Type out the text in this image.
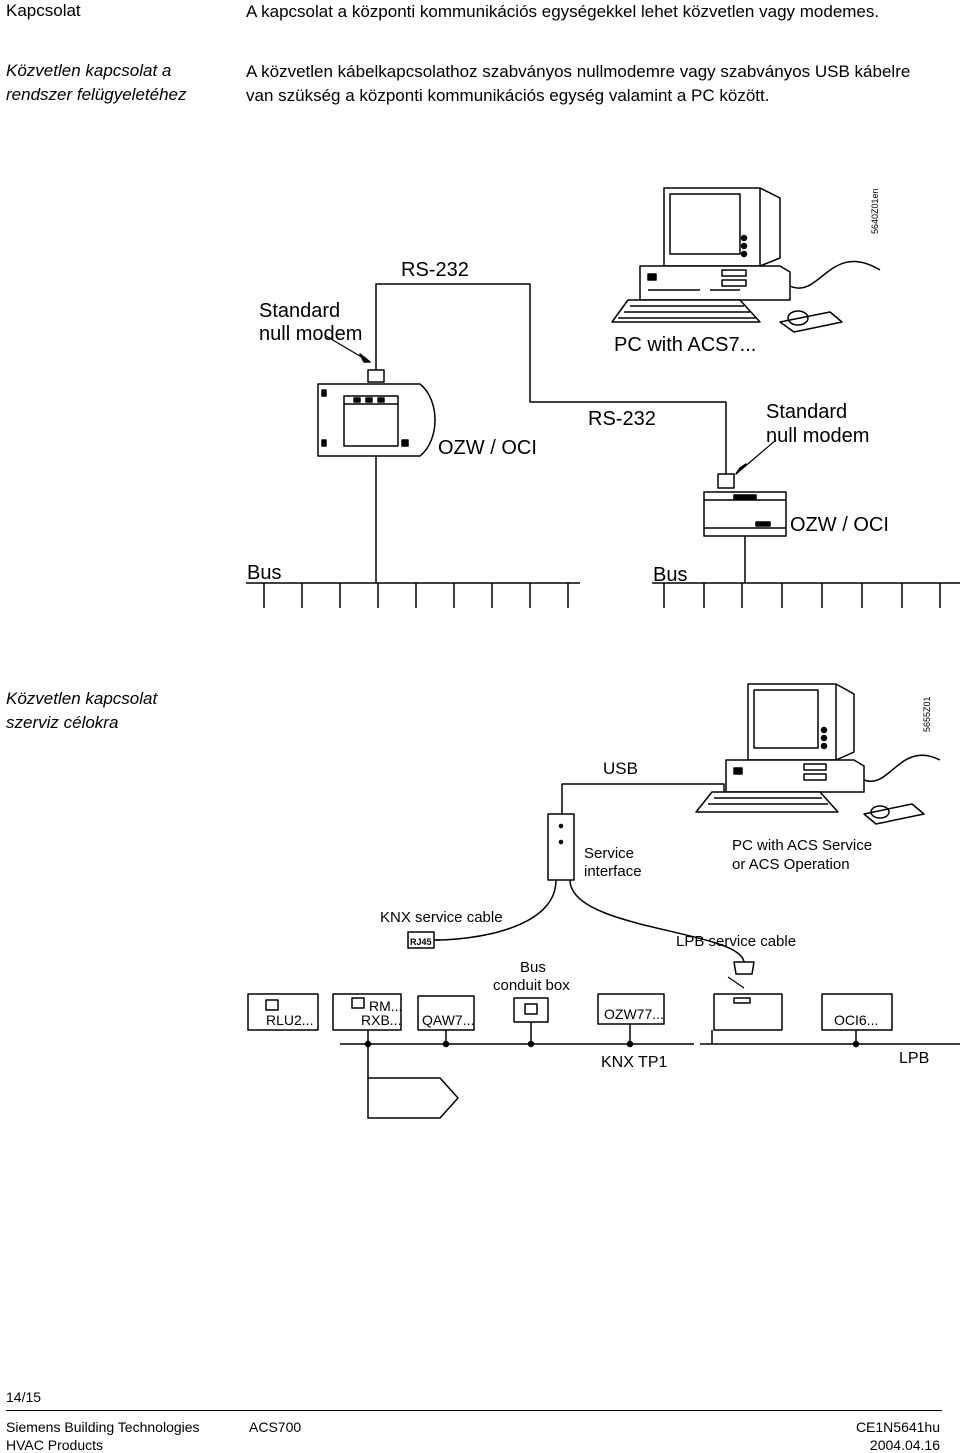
Kapcsolat	A kapcsolat a központi kommunikációs egységekkel lehet közvetlen vagy modemes.
Közvetlen kapcsolat a
rendszer felügyeletéhez
A közvetlen kábelkapcsolathoz szabványos nullmodemre vagy szabványos USB kábelre
van szükség a központi kommunikációs egység valamint a PC között.
Közvetlen kapcsolat
szerviz célokra
5640Z01en
RS-232
Standard
null modem	PC with ACS7...
OZW / OCI
RS-232	Standard
null modem
OZW / OCI
Bus	Bus
5655Z01
USB
Service
interface
PC with ACS Service
or ACS Operation
KNX service cable
RJ45	LPB service cable
Bus
conduit box
RLU2...
RM...
RXB... QAW7...	OZW77...	OCI6...
KNX TP1	LPB
14/15
Siemens Building Technologies
HVAC Products
ACS700	CE1N5641hu
2004.04.16
